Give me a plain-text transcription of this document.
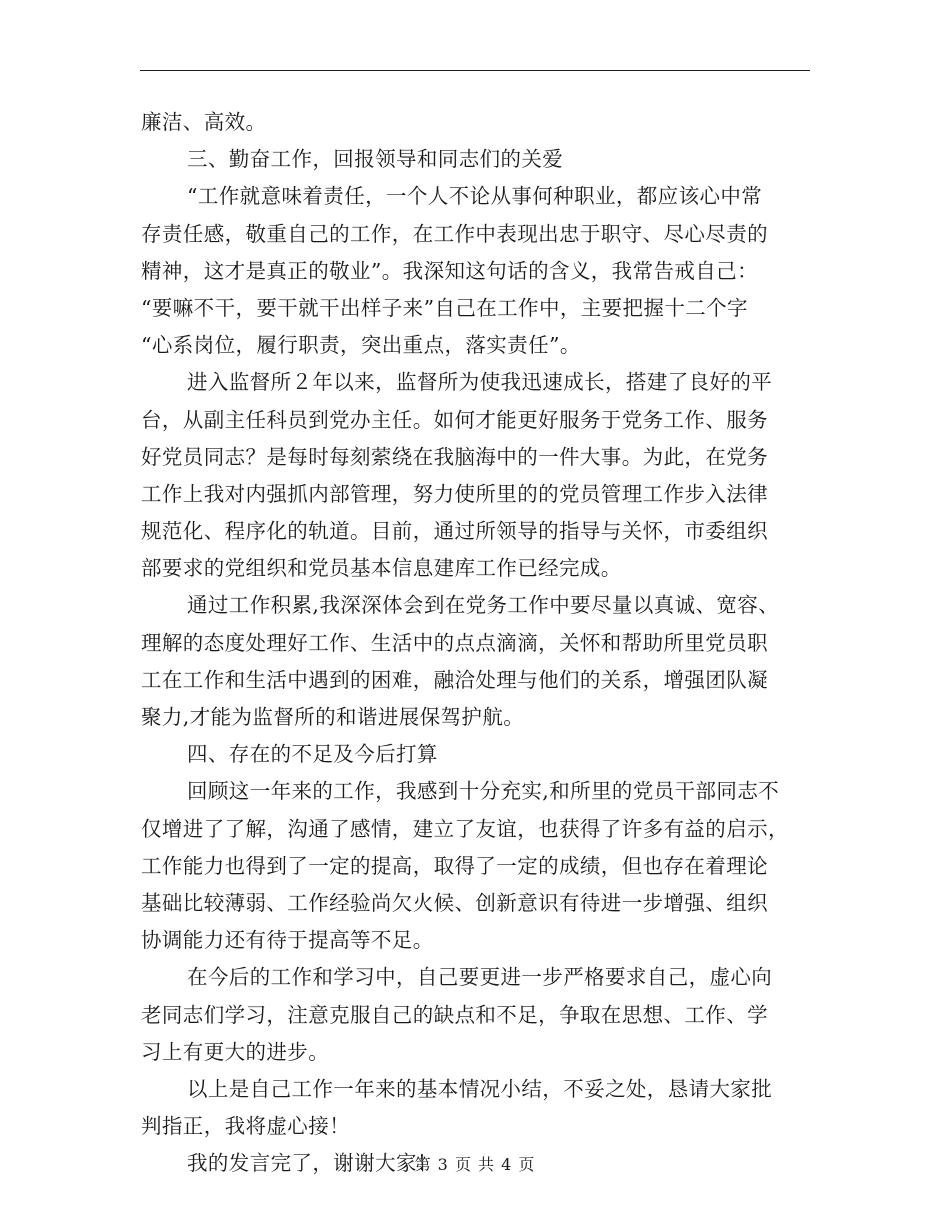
廉洁、高效。
三、勤奋工作，回报领导和同志们的关爱
“工作就意味着责任，一个人不论从事何种职业，都应该心中常
存责任感，敬重自己的工作，在工作中表现出忠于职守、尽心尽责的
精神，这才是真正的敬业”。我深知这句话的含义，我常告戒自己：
“要嘛不干，要干就干出样子来”自己在工作中，主要把握十二个字
“心系岗位，履行职责，突出重点，落实责任”。
进入监督所２年以来，监督所为使我迅速成长，搭建了良好的平
台，从副主任科员到党办主任。如何才能更好服务于党务工作、服务
好党员同志？是每时每刻萦绕在我脑海中的一件大事。为此，在党务
工作上我对内强抓内部管理，努力使所里的的党员管理工作步入法律
规范化、程序化的轨道。目前，通过所领导的指导与关怀，市委组织
部要求的党组织和党员基本信息建库工作已经完成。
通过工作积累,我深深体会到在党务工作中要尽量以真诚、宽容、
理解的态度处理好工作、生活中的点点滴滴，关怀和帮助所里党员职
工在工作和生活中遇到的困难，融洽处理与他们的关系，增强团队凝
聚力,才能为监督所的和谐进展保驾护航。
四、存在的不足及今后打算
回顾这一年来的工作，我感到十分充实,和所里的党员干部同志不
仅增进了了解，沟通了感情，建立了友谊，也获得了许多有益的启示，
工作能力也得到了一定的提高，取得了一定的成绩，但也存在着理论
基础比较薄弱、工作经验尚欠火候、创新意识有待进一步增强、组织
协调能力还有待于提高等不足。
在今后的工作和学习中，自己要更进一步严格要求自己，虚心向
老同志们学习，注意克服自己的缺点和不足，争取在思想、工作、学
习上有更大的进步。
以上是自己工作一年来的基本情况小结，不妥之处，恳请大家批
判指正，我将虚心接！
我的发言完了，谢谢大家！
第 3 页 共 4 页
